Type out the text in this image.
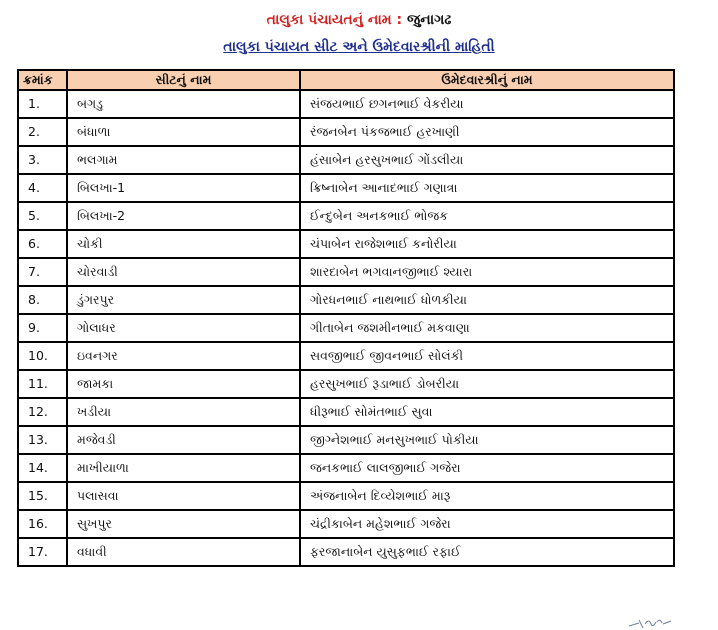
તાલુકા પંચાયતનું નામ : જુનાગઢ
તાલુકા પંચાયત સીટ અને ઉમેદવારશ્રીની માહિતી
ક્રમાંક	સીટનું નામ	ઉમેદવારશ્રીનું નામ
1.	બગડુ	સંજયભાઈ છગનભાઈ વેકરીયા
2.	બંધાળા	રંજનબેન પંકજભાઈ હરખાણી
3.	ભલગામ	હંસાબેન હરસુખભાઈ ગોંડલીયા
4.	બિલખા-1	ક્રિષ્નાબેન આનાદભાઈ ગણાત્રા
5.	બિલખા-2	ઈન્દુબેન અનકભાઈ ભોજક
6.	ચોકી	ચંપાબેન રાજેશભાઈ કનોરીયા
7.	ચોરવાડી	શારદાબેન ભગવાનજીભાઈ શ્યારા
8.	ડુંગરપુર	ગોરધનભાઈ નાથભાઈ ધોળકીયા
9.	ગોલાધર	ગીતાબેન જશમીનભાઈ મકવાણા
10.	ઇવનગર	સવજીભાઈ જીવનભાઈ સોલંકી
11.	જામકા	હરસુખભાઈ રૂડાભાઈ ડોબરીયા
12.	ખડીયા	ધીરૂભાઈ સોમંતભાઈ સુવા
13.	મજેવડી	જીગ્નેશભાઈ મનસુખભાઈ પોકીયા
14.	માખીયાળા	જનકભાઈ લાલજીભાઈ ગજેરા
15.	પલાસવા	અંજનાબેન દિવ્યેશભાઈ મારૂ
16.	સુખપુર	ચંદ્રીકાબેન મહેશભાઈ ગજેરા
17.	વધાવી	ફરજાનાબેન યુસુફભાઈ રફાઈ
